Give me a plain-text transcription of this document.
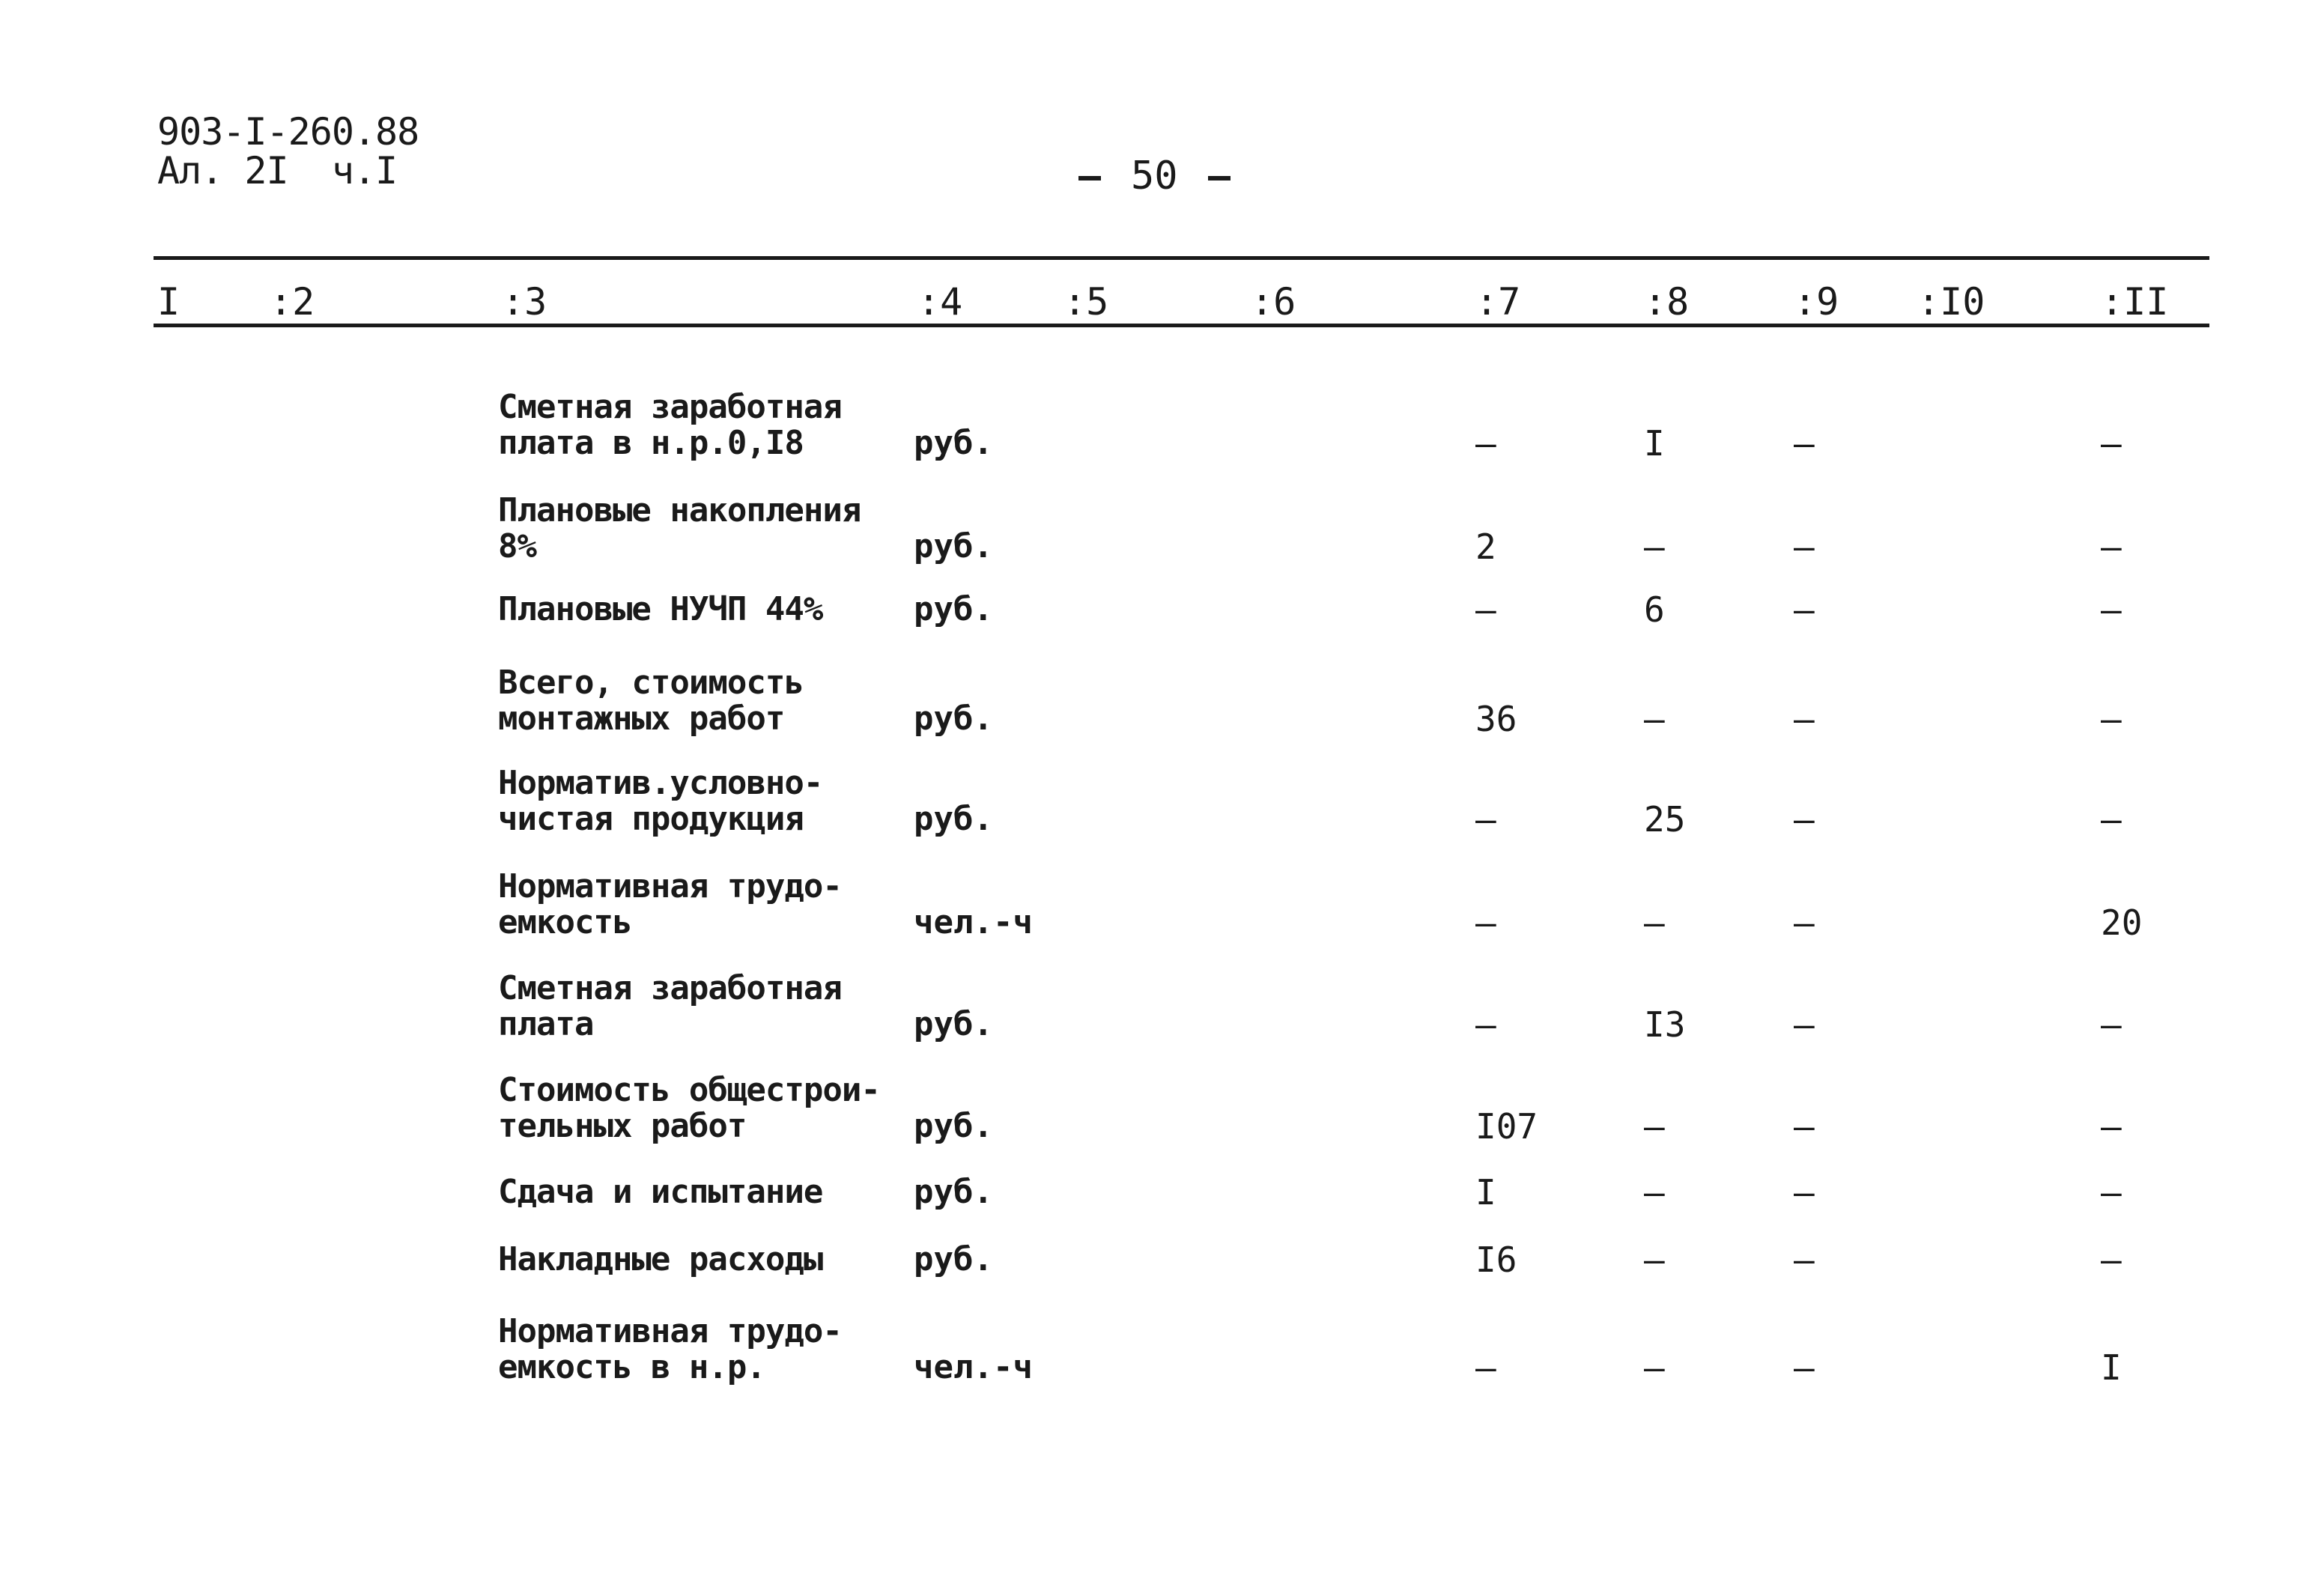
903-I-260.88
Ал. 2I  ч.I	50
I :2	:3	:4	:5	:6	:7	:8	:9 :I0	:II
Сметная заработная
плата в н.р.0,I8	руб.	–	I	–	–
Плановые накопления
8%	руб.	2	–	–	–
Плановые НУЧП 44%	руб.	–	6	–	–
Всего, стоимость
монтажных работ	руб.	36	–	–	–
Норматив.условно-
чистая продукция	руб.	–	25	–	–
Нормативная трудо-
емкость	чел.-ч	–	–	–	20
Сметная заработная
плата	руб.	–	I3	–	–
Стоимость общестрои-
тельных работ	руб.	I07	–	–	–
Сдача и испытание	руб.	I	–	–	–
Накладные расходы	руб.	I6	–	–	–
Нормативная трудо-
емкость в н.р.	чел.-ч	–	–	–	I
